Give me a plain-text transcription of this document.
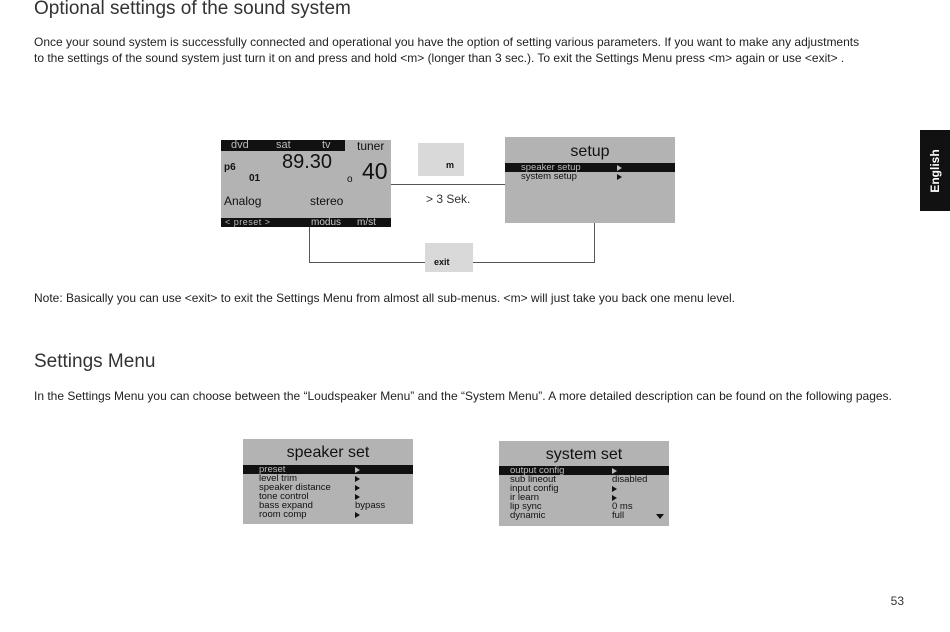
Optional settings of the sound system

Once your sound system is successfully connected and operational you have the option of setting various parameters. If you want to make any adjustments
to the settings of the sound system just turn it on and press and hold <m> (longer than 3 sec.). To exit the Settings Menu press <m> again or use <exit> .

dvd sat	tv tuner
p6
01
89.30
o 40
Analog	stereo
< preset >	modus m/st
m
> 3 Sek.
setup
speaker setup
system setup
exit

Note: Basically you can use <exit> to exit the Settings Menu from almost all sub-menus. <m> will just take you back one menu level.

Settings Menu

In the Settings Menu you can choose between the “Loudspeaker Menu” and the “System Menu”. A more detailed description can be found on the following pages.

speaker set
preset
level trim
speaker distance
tone control
bass expand	bypass
room comp
system set
output config
sub lineout	disabled
input config
ir learn
lip sync	0 ms
dynamic	full
English
53
